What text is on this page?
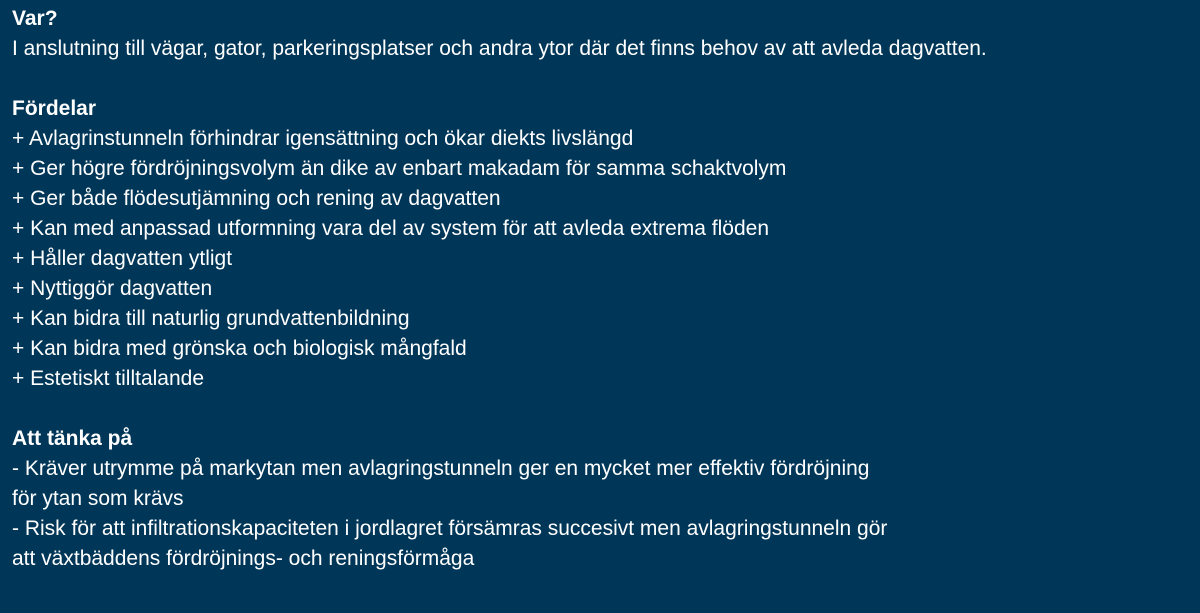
Var?

I anslutning till vägar, gator, parkeringsplatser och andra ytor där det finns behov av att avleda dagvatten.

Fördelar

+ Avlagrinstunneln förhindrar igensättning och ökar diekts livslängd
+ Ger högre fördröjningsvolym än dike av enbart makadam för samma schaktvolym
+ Ger både flödesutjämning och rening av dagvatten
+ Kan med anpassad utformning vara del av system för att avleda extrema flöden
+ Håller dagvatten ytligt
+ Nyttiggör dagvatten
+ Kan bidra till naturlig grundvattenbildning
+ Kan bidra med grönska och biologisk mångfald
+ Estetiskt tilltalande

Att tänka på

- Kräver utrymme på markytan men avlagringstunneln ger en mycket mer effektiv fördröjning

för ytan som krävs

- Risk för att infiltrationskapaciteten i jordlagret försämras succesivt men avlagringstunneln gör

att växtbäddens fördröjnings- och reningsförmåga
